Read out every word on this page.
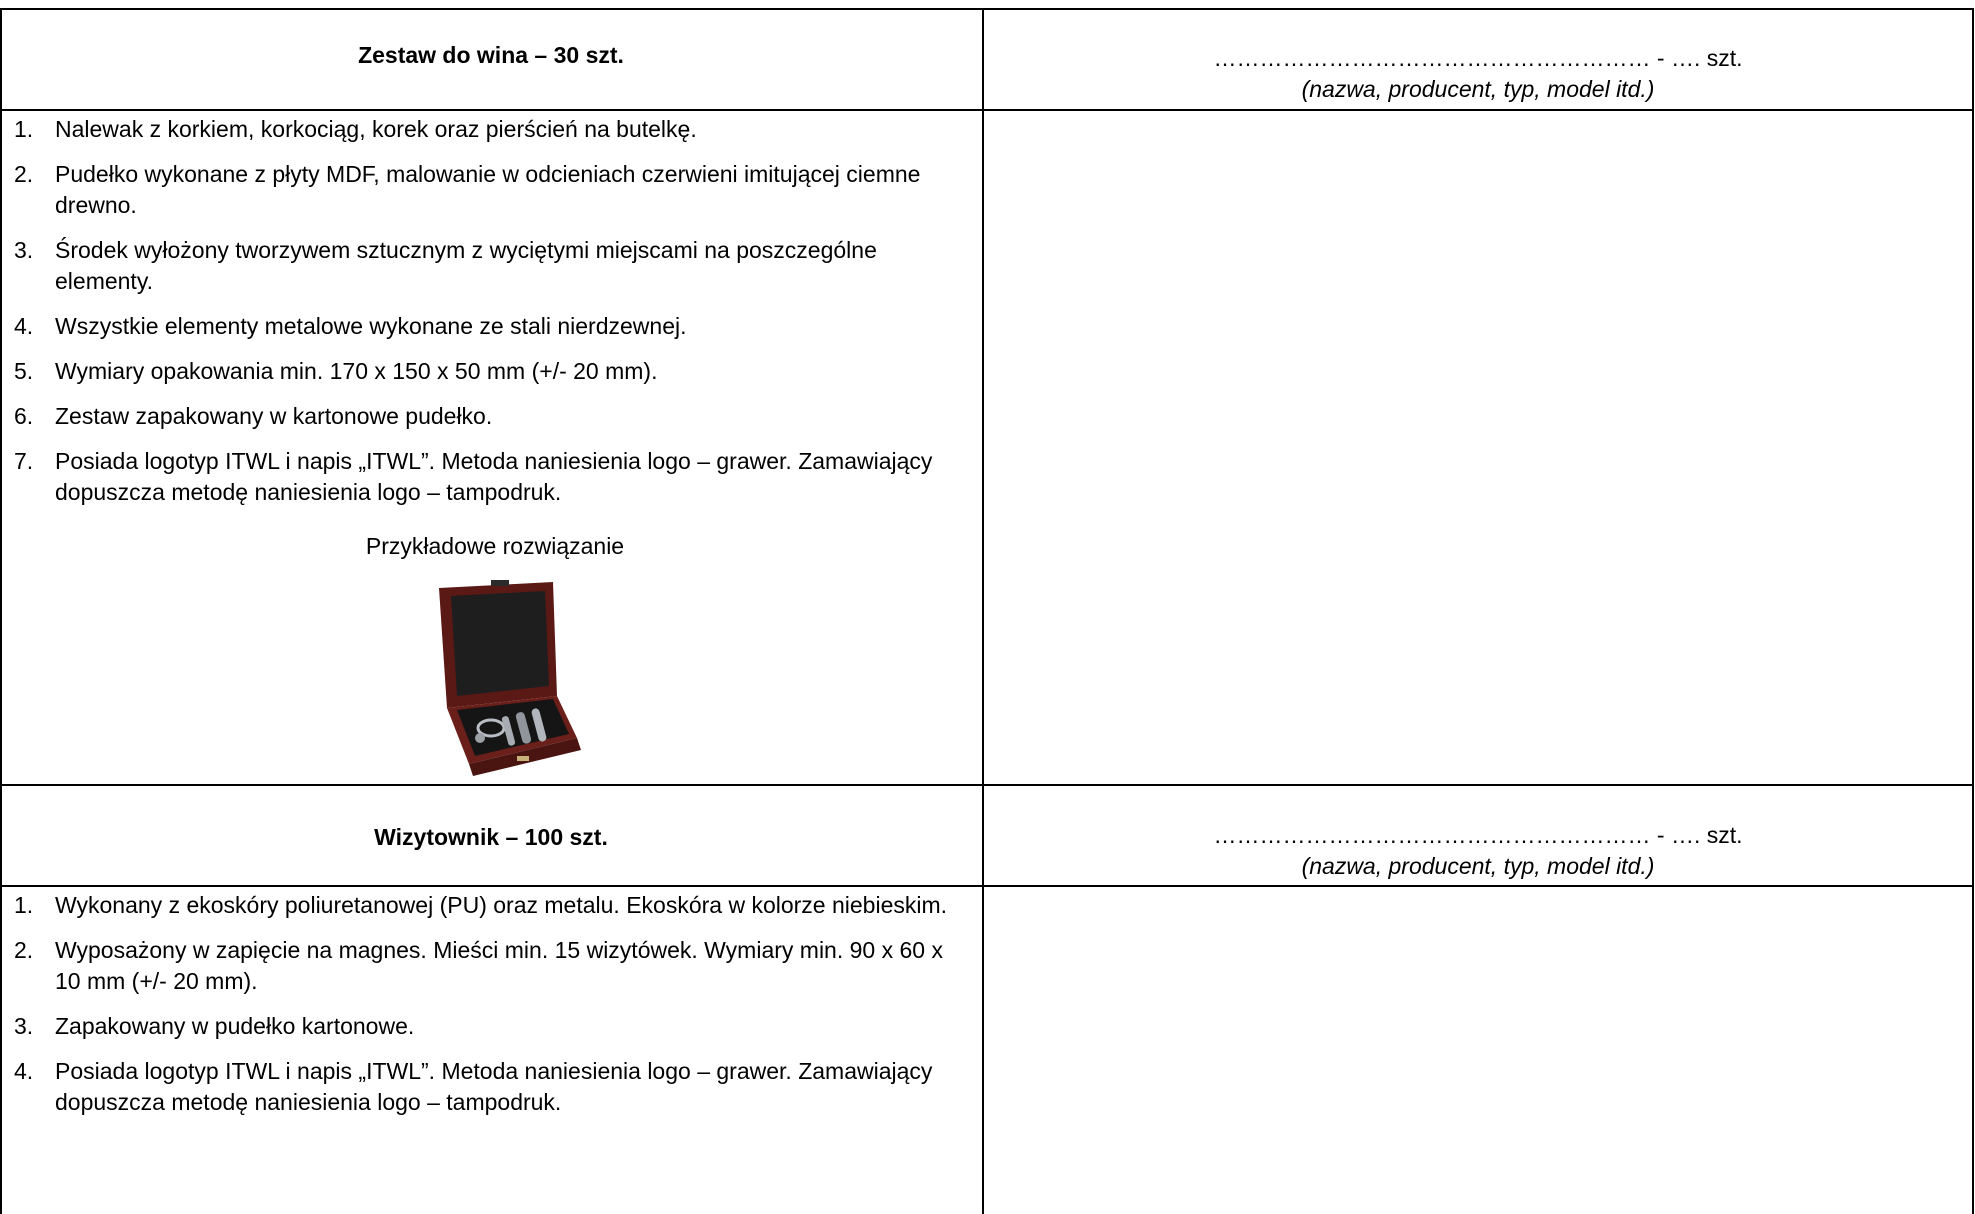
Zestaw do wina – 30 szt.	………………………………………………… - …. szt.
(nazwa, producent, typ, model itd.)
1. Nalewak z korkiem, korkociąg, korek oraz pierścień na butelkę.
2. Pudełko wykonane z płyty MDF, malowanie w odcieniach czerwieni imitującej ciemne drewno.
3. Środek wyłożony tworzywem sztucznym z wyciętymi miejscami na poszczególne elementy.
4. Wszystkie elementy metalowe wykonane ze stali nierdzewnej.
5. Wymiary opakowania min. 170 x 150 x 50 mm (+/- 20 mm).
6. Zestaw zapakowany w kartonowe pudełko.
7. Posiada logotyp ITWL i napis „ITWL”. Metoda naniesienia logo – grawer. Zamawiający dopuszcza metodę naniesienia logo – tampodruk.
Przykładowe rozwiązanie
Wizytownik – 100 szt.	………………………………………………… - …. szt.
(nazwa, producent, typ, model itd.)
1. Wykonany z ekoskóry poliuretanowej (PU) oraz metalu. Ekoskóra w kolorze niebieskim.
2. Wyposażony w zapięcie na magnes. Mieści min. 15 wizytówek. Wymiary min. 90 x 60 x 10 mm (+/- 20 mm).
3. Zapakowany w pudełko kartonowe.
4. Posiada logotyp ITWL i napis „ITWL”. Metoda naniesienia logo – grawer. Zamawiający dopuszcza metodę naniesienia logo – tampodruk.
